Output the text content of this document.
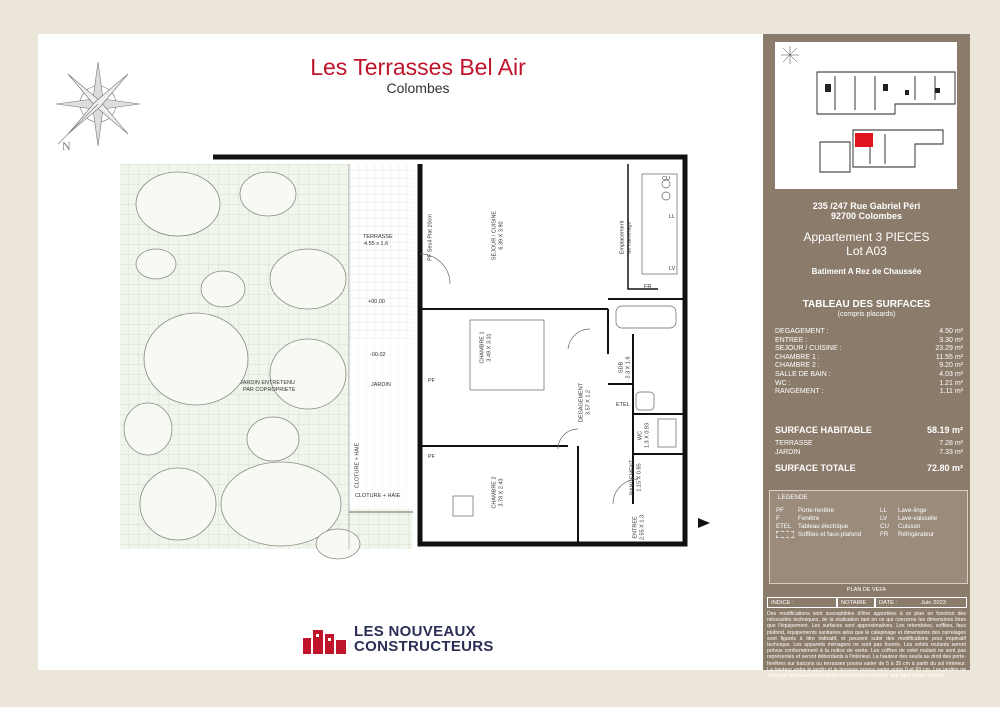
Les Terrasses Bel Air
Colombes
N
TERRASSE
4.55 x 1.6
+00.00
-00.02
JARDIN
JARDIN ENTRETENU
PAR COPROPRIETE
CLOTURE + HAIE
CLOTURE + HAIE
PF Seuil Plat 20cm
PF
PF
SEJOUR / CUISINE 6.39 X 3.90
CHAMBRE 1 3.49 X 3.31
CHAMBRE 2 3.78 X 2.43
DEGAGEMENT 3.57 X 1.2
SDB 2.3 X 1.6
WC 1.3 X 0.93
RANGEMENT 1.15 X 0.85
ENTREE 2.55 X 1.3
Emplacement de camerage
ETEL
CU
LL
LV
FR
LES NOUVEAUX
CONSTRUCTEURS
235 /247 Rue Gabriel Péri
92700 Colombes
Appartement 3 PIECES
Lot A03
Batiment A Rez de Chaussée
TABLEAU DES SURFACES
(compris placards)
DEGAGEMENT :	4.50 m²
ENTREE :	3.30 m²
SEJOUR / CUISINE :	23.29 m²
CHAMBRE 1 :	11.55 m²
CHAMBRE 2 :	9.20 m²
SALLE DE BAIN :	4.03 m²
WC :	1.21 m²
RANGEMENT :	1.11 m²
SURFACE HABITABLE	58.19 m²
TERRASSE	7.28 m²
JARDIN	7.33 m²
SURFACE TOTALE	72.80 m²
LEGENDE
PF Porte-fenêtre
F	Fenêtre
ETEL Tableau électrique
Soffites et faux-plafond
LL Lave-linge
LV Lave-vaisselle
CU Cuisson
FR Réfrigérateur
PLAN DE VEFA
INDICE :	NOTAIRE	DATE :	Juin 2023
Des modifications sont susceptibles d'être apportées à ce plan en fonction des nécessités techniques, de la réalisation tant en ce qui concerne les dimensions litres que l'équipement. Les surfaces sont approximatives. Les retombées, soffites, faux plafond, équipements sanitaires ainsi que le calepinage et dimensions des carrelages sont figurés à titre indicatif, et peuvent subir des modifications pour impératif technique. Les appareils ménagers ne sont pas fournis. Les volets roulants seront prévus conformément à la notice de vente. Les coffres de volet roulant ne sont pas représentés et seront débordants à l'intérieur. La hauteur des seuils au droit des porte-fenêtres sur balcons ou terrasses pourra varier de 5 à 35 cm à partir du sol intérieur. La hauteur entre le jardin et la terrasse pourra varier entre 0 et 60 cm. Les jardins ne sont pas nécessairement plats et pourront comporter des talus et des pentes.
